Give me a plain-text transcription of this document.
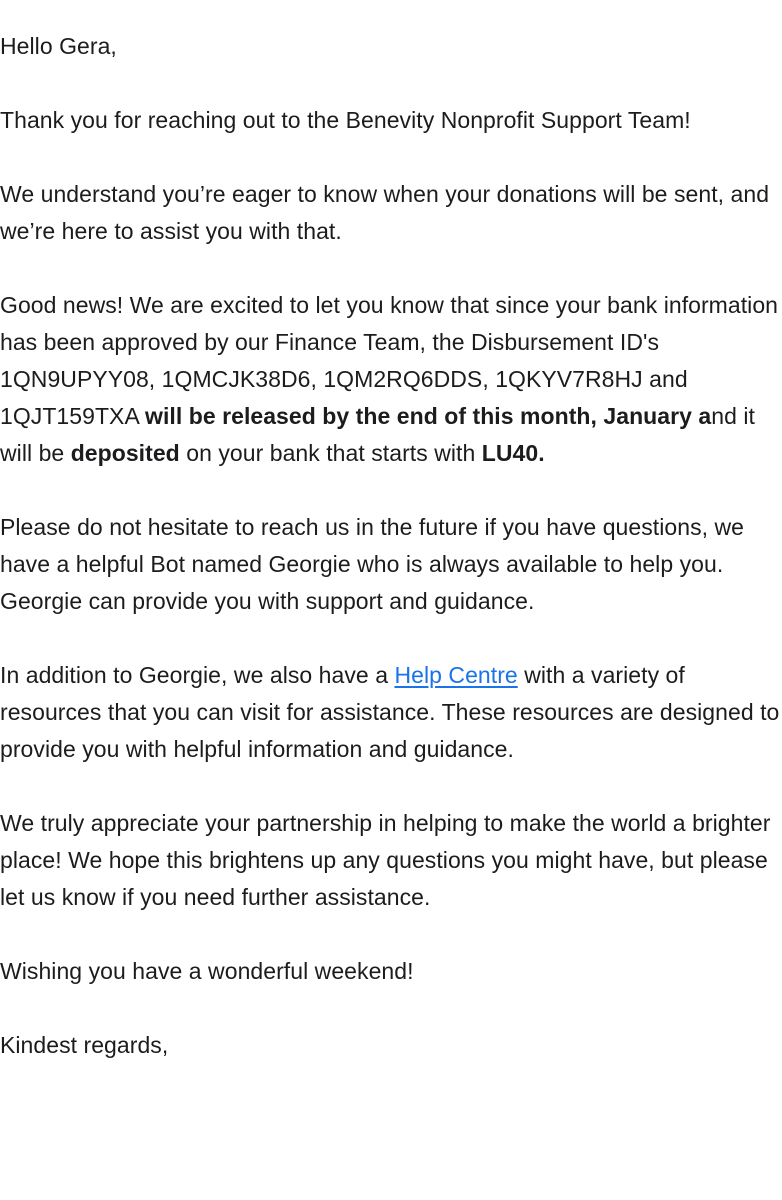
Hello Gera,

Thank you for reaching out to the Benevity Nonprofit Support Team!

We understand you’re eager to know when your donations will be sent, and we’re here to assist you with that.

Good news! We are excited to let you know that since your bank information has been approved by our Finance Team, the Disbursement ID's 1QN9UPYY08, 1QMCJK38D6, 1QM2RQ6DDS, 1QKYV7R8HJ and 1QJT159TXA will be released by the end of this month, January and it will be deposited on your bank that starts with LU40.

Please do not hesitate to reach us in the future if you have questions, we have a helpful Bot named Georgie who is always available to help you. Georgie can provide you with support and guidance.

In addition to Georgie, we also have a Help Centre with a variety of resources that you can visit for assistance. These resources are designed to provide you with helpful information and guidance.

We truly appreciate your partnership in helping to make the world a brighter place! We hope this brightens up any questions you might have, but please let us know if you need further assistance.

Wishing you have a wonderful weekend!

Kindest regards,
